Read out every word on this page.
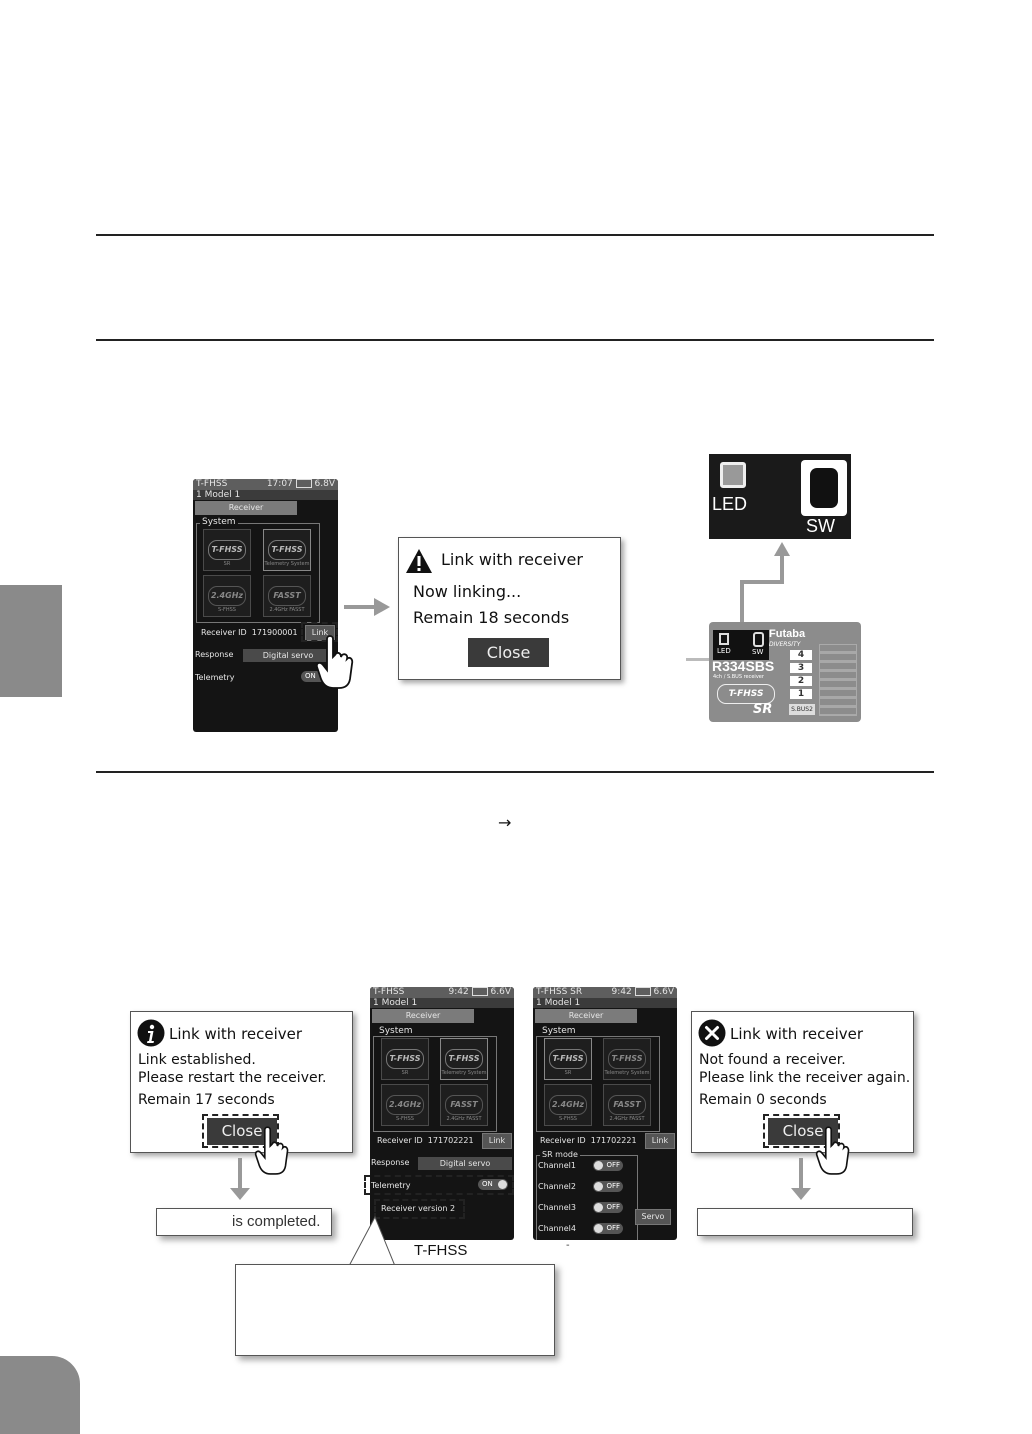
T-FHSS	17:07 6.8V
1 Model 1
Receiver
System
T-FHSS
SR
T-FHSS
Telemetry System
2.4GHz
S-FHSS
FASST
2.4GHz FASST
Receiver ID 171900001	Link
Response	Digital servo
Telemetry	ON
Link with receiver
Now linking...
Remain 18 seconds
Close
LED
SW
LED	SW
Futaba
DIVERSITY
R334SBS
4ch / S.BUS receiver
T-FHSS
SR	S.BUS2
4
3
2
1
→
Link with receiver
Link established.
Please restart the receiver.
Remain 17 seconds
Close
is completed.
T-FHSS	9:42 6.6V
1 Model 1
Receiver
System
T-FHSS
SR
T-FHSS
Telemetry System
2.4GHz
S-FHSS
FASST
2.4GHz FASST
Receiver ID 171702221	Link
Response	Digital servo
Telemetry	ON
Receiver version 2
T-FHSS
T-FHSS SR	9:42 6.6V
1 Model 1
Receiver
System
T-FHSS
SR
T-FHSS
Telemetry System
2.4GHz
S-FHSS
FASST
2.4GHz FASST
Receiver ID 171702221	Link
SR mode
Channel1	OFF
Channel2	OFF
Channel3	OFF
Channel4	OFF
Servo
-
Link with receiver
Not found a receiver.
Please link the receiver again.
Remain 0 seconds
Close
